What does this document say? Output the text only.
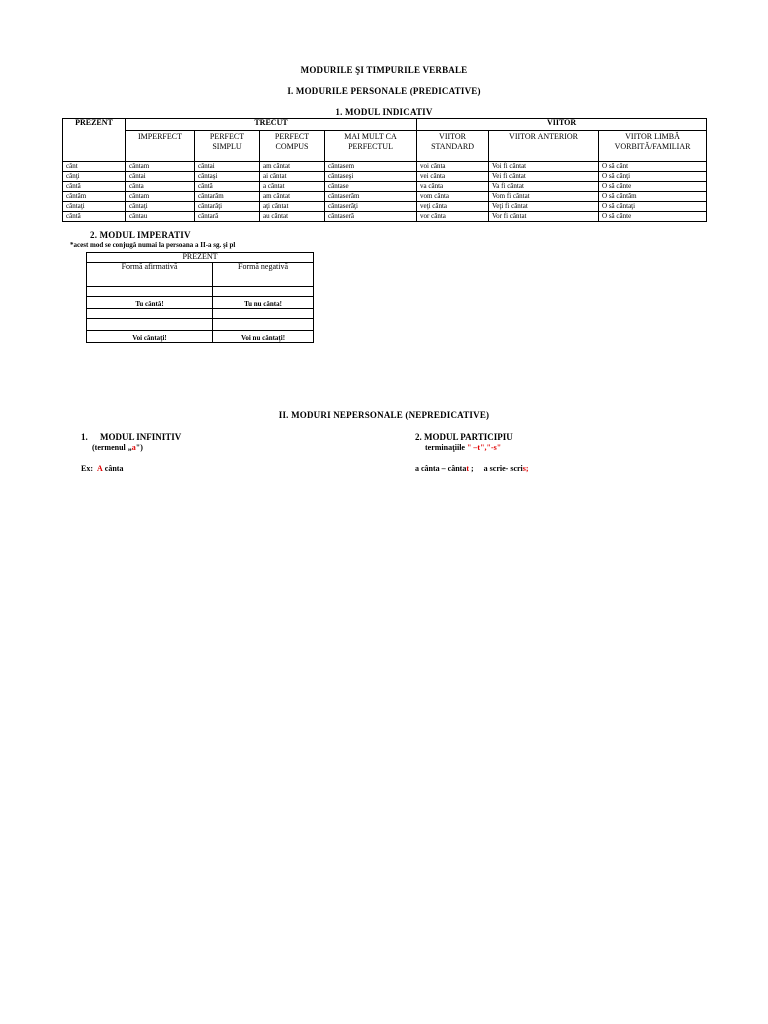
MODURILE ŞI TIMPURILE VERBALE
I. MODURILE PERSONALE (PREDICATIVE)
1. MODUL INDICATIV
PREZENT	TRECUT				VIITOR		
	IMPERFECT	PERFECT SIMPLU	PERFECT COMPUS	MAI MULT CA PERFECTUL	VIITOR STANDARD	VIITOR ANTERIOR	VIITOR LIMBĂ VORBITĂ/FAMILIAR
cânt	cântam	cântai	am cântat	cântasem	voi cânta	Voi fi cântat	O să cânt
cânţi	cântai	cântaşi	ai cântat	cântaseşi	vei cânta	Vei fi cântat	O să cânţi
cântă	cânta	cântă	a cântat	cântase	va cânta	Va fi cântat	O să cânte
cântăm	cântam	cântarăm	am cântat	cântaserăm	vom cânta	Vom fi cântat	O să cântăm
cântaţi	cântaţi	cântarăţi	aţi cântat	cântaserăţi	veţi cânta	Veţi fi cântat	O să cântaţi
cântă	cântau	cântară	au cântat	cântaseră	vor cânta	Vor fi cântat	O să cânte
2. MODUL IMPERATIV
*acest mod se conjugă numai la persoana a II-a sg. şi pl
PREZENT	
Formă afirmativă	Formă negativă

Tu cântă!	Tu nu cânta!

Voi cântaţi!	Voi nu cântaţi!
II. MODURI NEPERSONALE (NEPREDICATIVE)
1. MODUL INFINITIV
(termenul „a")
Ex: A cânta
2. MODUL PARTICIPIU
terminaţiile " –t","-s"
a cânta – cântat ; a scrie- scris;
